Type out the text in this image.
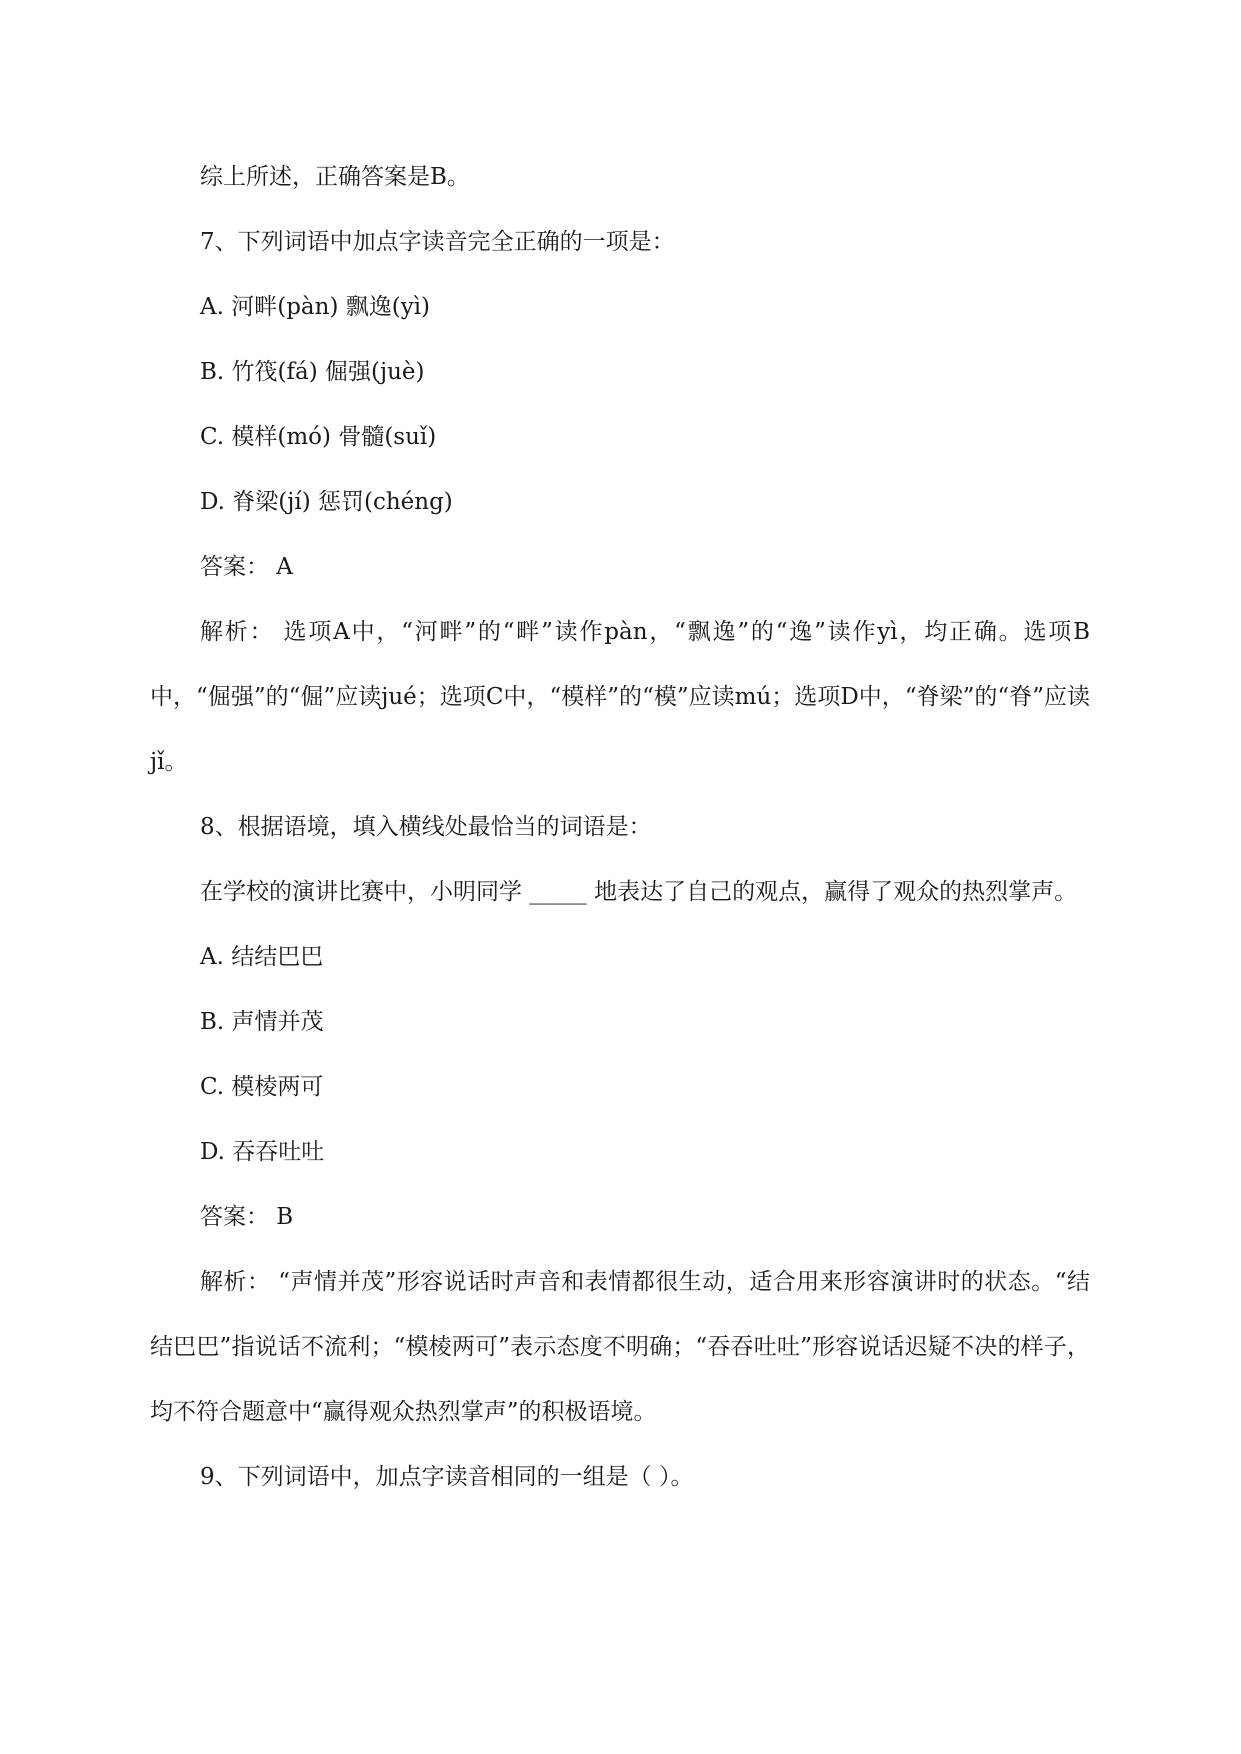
综上所述，正确答案是B。

7、下列词语中加点字读音完全正确的一项是：

A. 河畔(pàn) 飘逸(yì)

B. 竹筏(fá) 倔强(juè)

C. 模样(mó) 骨髓(suǐ)

D. 脊梁(jí) 惩罚(chéng)

答案： A

解析： 选项A中，“河畔”的“畔”读作pàn，“飘逸”的“逸”读作yì，均正确。选项B中，“倔强”的“倔”应读jué；选项C中，“模样”的“模”应读mú；选项D中，“脊梁”的“脊”应读jǐ。

8、根据语境，填入横线处最恰当的词语是：

在学校的演讲比赛中，小明同学 _____ 地表达了自己的观点，赢得了观众的热烈掌声。

A. 结结巴巴

B. 声情并茂

C. 模棱两可

D. 吞吞吐吐

答案： B

解析： “声情并茂”形容说话时声音和表情都很生动，适合用来形容演讲时的状态。“结结巴巴”指说话不流利；“模棱两可”表示态度不明确；“吞吞吐吐”形容说话迟疑不决的样子，均不符合题意中“赢得观众热烈掌声”的积极语境。

9、下列词语中，加点字读音相同的一组是（ ）。
